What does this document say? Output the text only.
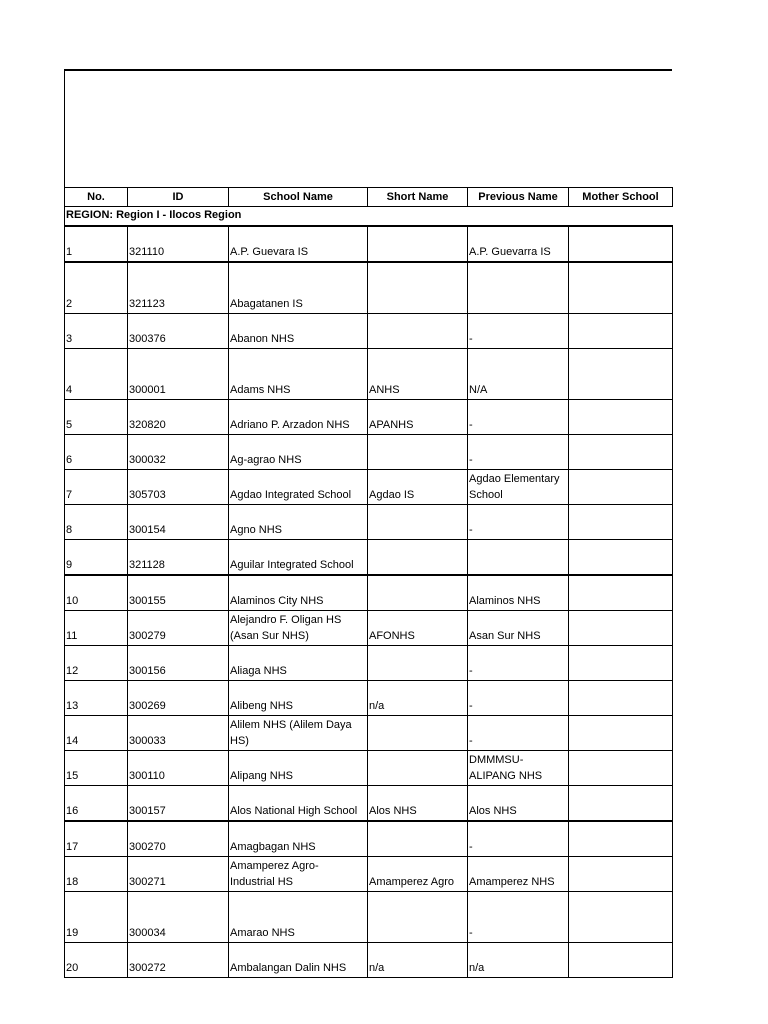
No.	ID	School Name	Short Name	Previous Name	Mother School
REGION: Region I - Ilocos Region					

1	321110	A.P. Guevara IS		A.P. Guevarra IS	

2	321123	Abagatanen IS			

3	300376	Abanon NHS		-	

4	300001	Adams NHS	ANHS	N/A	

5	320820	Adriano P. Arzadon NHS	APANHS	-	

6	300032	Ag-agrao NHS		-	

7	305703	Agdao Integrated School	Agdao IS	Agdao Elementary
School	

8	300154	Agno NHS		-	

9	321128	Aguilar Integrated School			

10	300155	Alaminos City NHS		Alaminos NHS	

11	300279	Alejandro F. Oligan HS
(Asan Sur NHS)	AFONHS	Asan Sur NHS	

12	300156	Aliaga NHS		-	

13	300269	Alibeng NHS	n/a	-	

14	300033	Alilem NHS (Alilem Daya
HS)		-	

15	300110	Alipang NHS		DMMMSU-
ALIPANG NHS	

16	300157	Alos National High School	Alos NHS	Alos NHS	

17	300270	Amagbagan NHS		-	

18	300271	Amamperez Agro-
Industrial HS	Amamperez Agro	Amamperez NHS	

19	300034	Amarao NHS		-	

20	300272	Ambalangan Dalin NHS	n/a	n/a	
